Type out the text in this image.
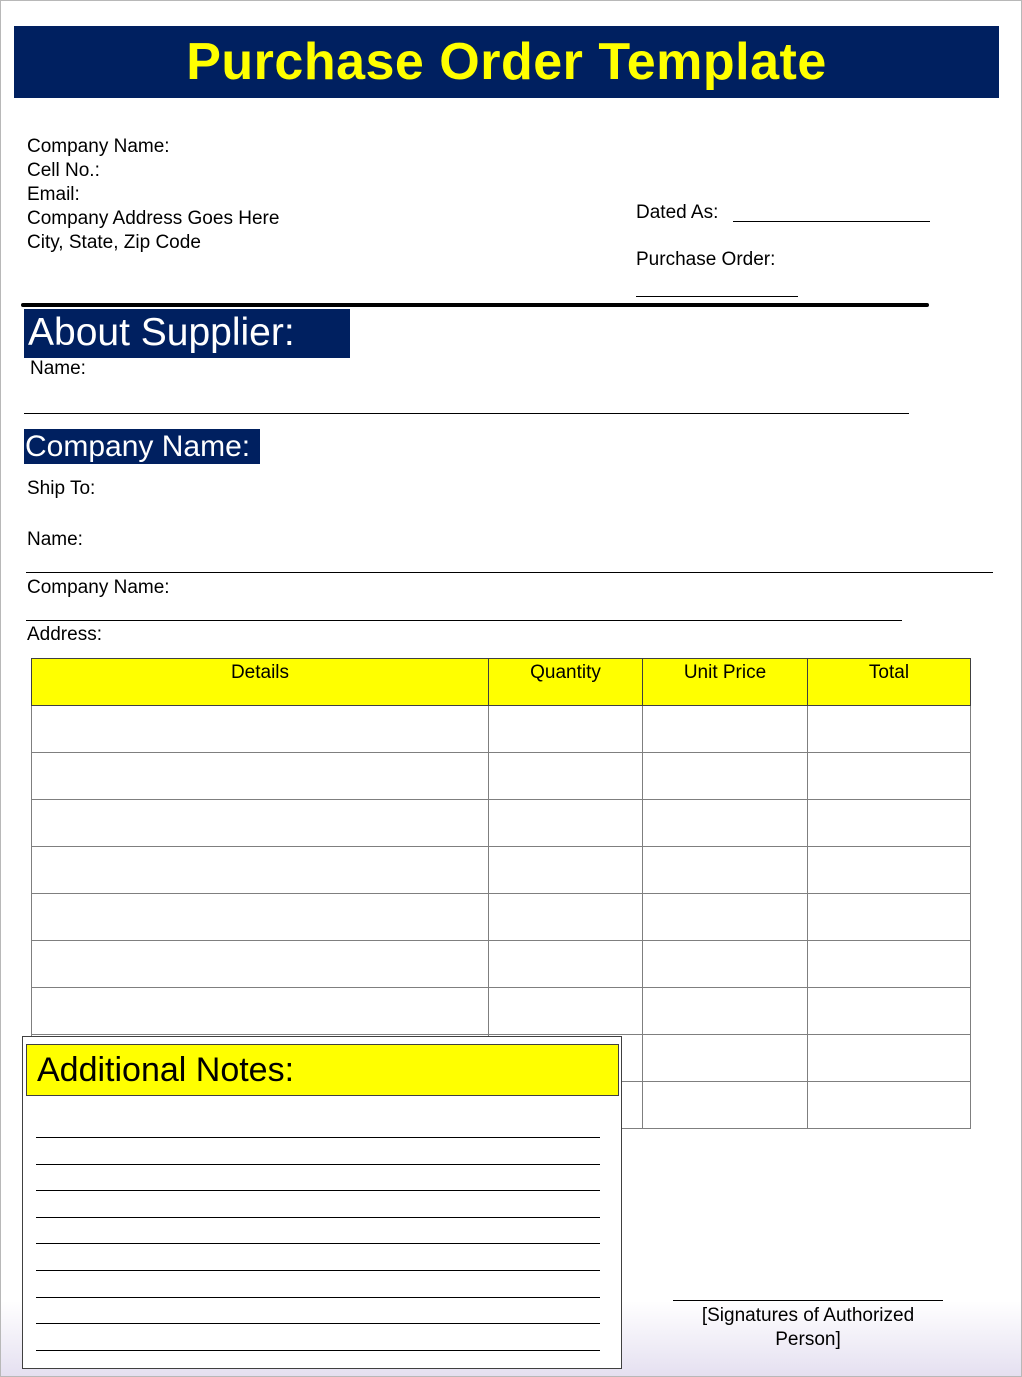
Purchase Order Template
Company Name:
Cell No.:
Email:
Company Address Goes Here
City, State, Zip Code
Dated As:
Purchase Order:
About Supplier:
Name:
Company Name:
Ship To:
Name:
Company Name:
Address:
Details	Quantity	Unit Price	Total

Additional Notes:
[Signatures of Authorized Person]
